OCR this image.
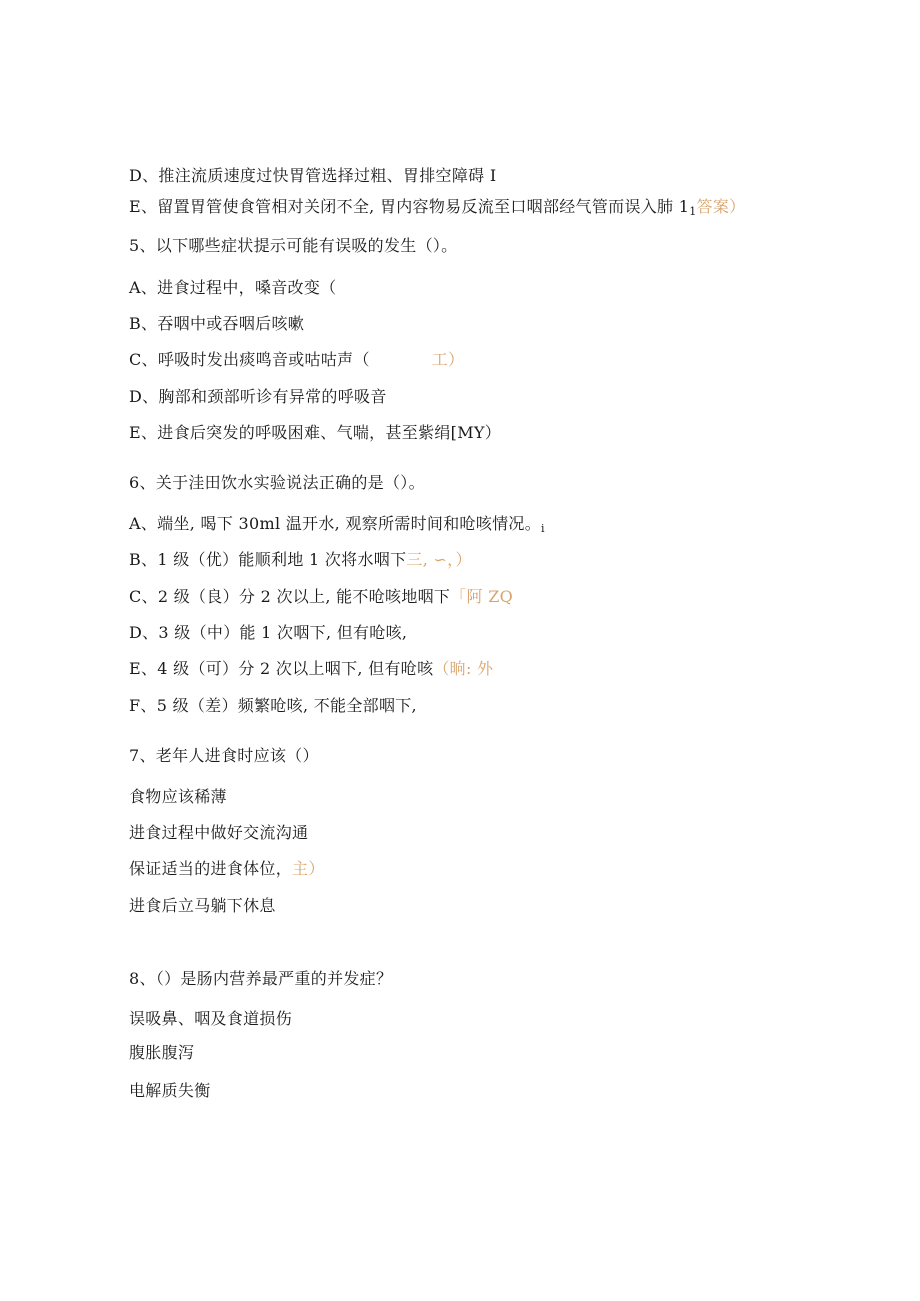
D、推注流质速度过快胃管选择过粗、胃排空障碍 I
E、留置胃管使食管相对关闭不全, 胃内容物易反流至口咽部经气管而误入肺 11答案）
5、以下哪些症状提示可能有误吸的发生（）。
A、进食过程中，嗓音改变（
B、吞咽中或吞咽后咳嗽
C、呼吸时发出痰鸣音或咕咕声（	工）
D、胸部和颈部听诊有异常的呼吸音
E、进食后突发的呼吸困难、气喘，甚至紫绢[MY）
6、关于洼田饮水实验说法正确的是（）。
A、端坐, 喝下 30ml 温开水, 观察所需时间和呛咳情况。i
B、1 级（优）能顺利地 1 次将水咽下三, ∽，）
C、2 级（良）分 2 次以上, 能不呛咳地咽下「阿 ZQ
D、3 级（中）能 1 次咽下, 但有呛咳,
E、4 级（可）分 2 次以上咽下, 但有呛咳（晌: 外
F、5 级（差）频繁呛咳, 不能全部咽下,
7、老年人进食时应该（）
食物应该稀薄
进食过程中做好交流沟通
保证适当的进食体位，主）
进食后立马躺下休息
8、（）是肠内营养最严重的并发症？
误吸鼻、咽及食道损伤
腹胀腹泻
电解质失衡
